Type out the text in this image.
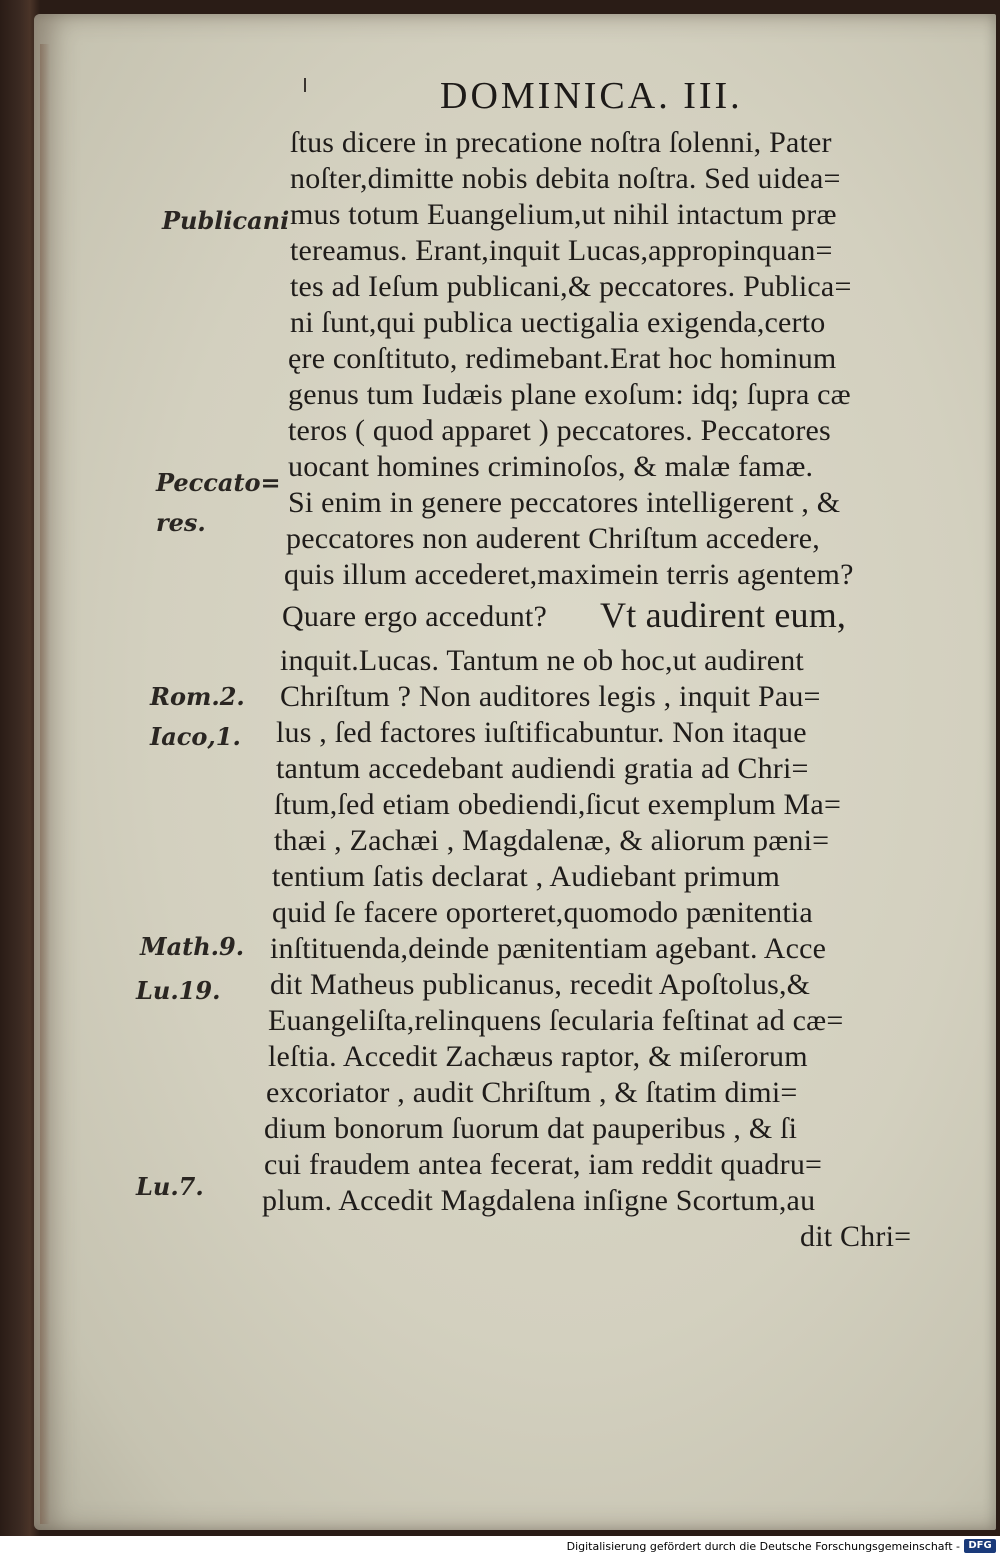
DOMINICA. III.
ſtus dicere in precatione noſtra ſolenni, Pater
noſter,dimitte nobis debita noſtra. Sed uidea=
mus totum Euangelium,ut nihil intactum præ
tereamus. Erant,inquit Lucas,appropinquan=
tes ad Ieſum publicani,& peccatores. Publica=
ni ſunt,qui publica uectigalia exigenda,certo
ęre conſtituto, redimebant.Erat hoc hominum
genus tum Iudæis plane exoſum: idq; ſupra cæ
teros ( quod apparet ) peccatores. Peccatores
uocant homines criminoſos, & malæ famæ.
Si enim in genere peccatores intelligerent , &
peccatores non auderent Chriſtum accedere,
quis illum accederet,maximein terris agentem?
Quare ergo accedunt? Vt audirent eum,
inquit.Lucas. Tantum ne ob hoc,ut audirent
Chriſtum ? Non auditores legis , inquit Pau=
lus , ſed factores iuſtificabuntur. Non itaque
tantum accedebant audiendi gratia ad Chri=
ſtum,ſed etiam obediendi,ſicut exemplum Ma=
thæi , Zachæi , Magdalenæ, & aliorum pæni=
tentium ſatis declarat , Audiebant primum
quid ſe facere oporteret,quomodo pænitentia
inſtituenda,deinde pænitentiam agebant. Acce
dit Matheus publicanus, recedit Apoſtolus,&
Euangeliſta,relinquens ſecularia feſtinat ad cæ=
leſtia. Accedit Zachæus raptor, & miſerorum
excoriator , audit Chriſtum , & ſtatim dimi=
dium bonorum ſuorum dat pauperibus , & ſi
cui fraudem antea fecerat, iam reddit quadru=
plum. Accedit Magdalena inſigne Scortum,au
dit Chri=
Publicani
Peccato=
res.
Rom.2.
Iaco,1.
Math.9.
Lu.19.
Lu.7.
Digitalisierung gefördert durch die Deutsche Forschungsgemeinschaft - DFG
